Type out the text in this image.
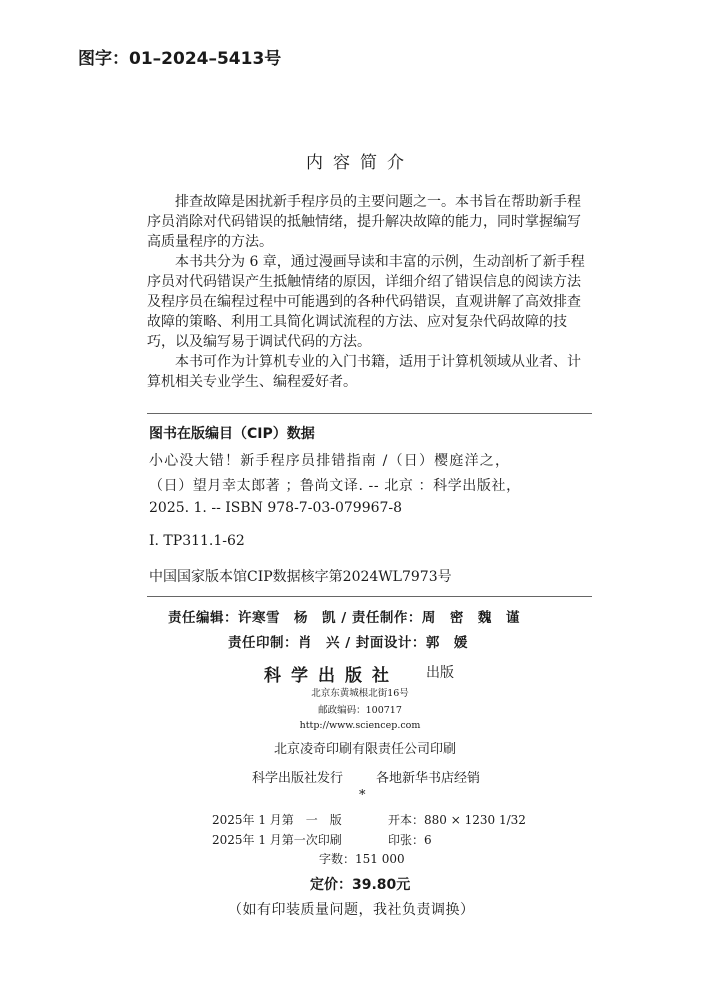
图字：01–2024–5413号
内容简介
　　排查故障是困扰新手程序员的主要问题之一。本书旨在帮助新手程
序员消除对代码错误的抵触情绪，提升解决故障的能力，同时掌握编写
高质量程序的方法。
　　本书共分为 6 章，通过漫画导读和丰富的示例，生动剖析了新手程
序员对代码错误产生抵触情绪的原因，详细介绍了错误信息的阅读方法
及程序员在编程过程中可能遇到的各种代码错误，直观讲解了高效排查
故障的策略、利用工具简化调试流程的方法、应对复杂代码故障的技
巧，以及编写易于调试代码的方法。
　　本书可作为计算机专业的入门书籍，适用于计算机领域从业者、计
算机相关专业学生、编程爱好者。
图书在版编目（CIP）数据
小心没大错！新手程序员排错指南 /（日）樱庭洋之，
（日）望月幸太郎著 ；鲁尚文译. -- 北京 ：科学出版社，
2025. 1. -- ISBN 978-7-03-079967-8
Ⅰ. TP311.1-62
中国国家版本馆CIP数据核字第2024WL7973号
责任编辑：许寒雪　杨　凯 / 责任制作：周　密　魏　谨
责任印制：肖　兴 / 封面设计：郭　媛
科学出版社 出版
北京东黄城根北街16号
邮政编码：100717
http://www.sciencep.com
北京凌奇印刷有限责任公司印刷
科学出版社发行	各地新华书店经销
*
2025年 1 月第　一　版	开本：880 × 1230 1/32
2025年 1 月第一次印刷	印张：6
字数：151 000
定价：39.80元
（如有印装质量问题，我社负责调换）
